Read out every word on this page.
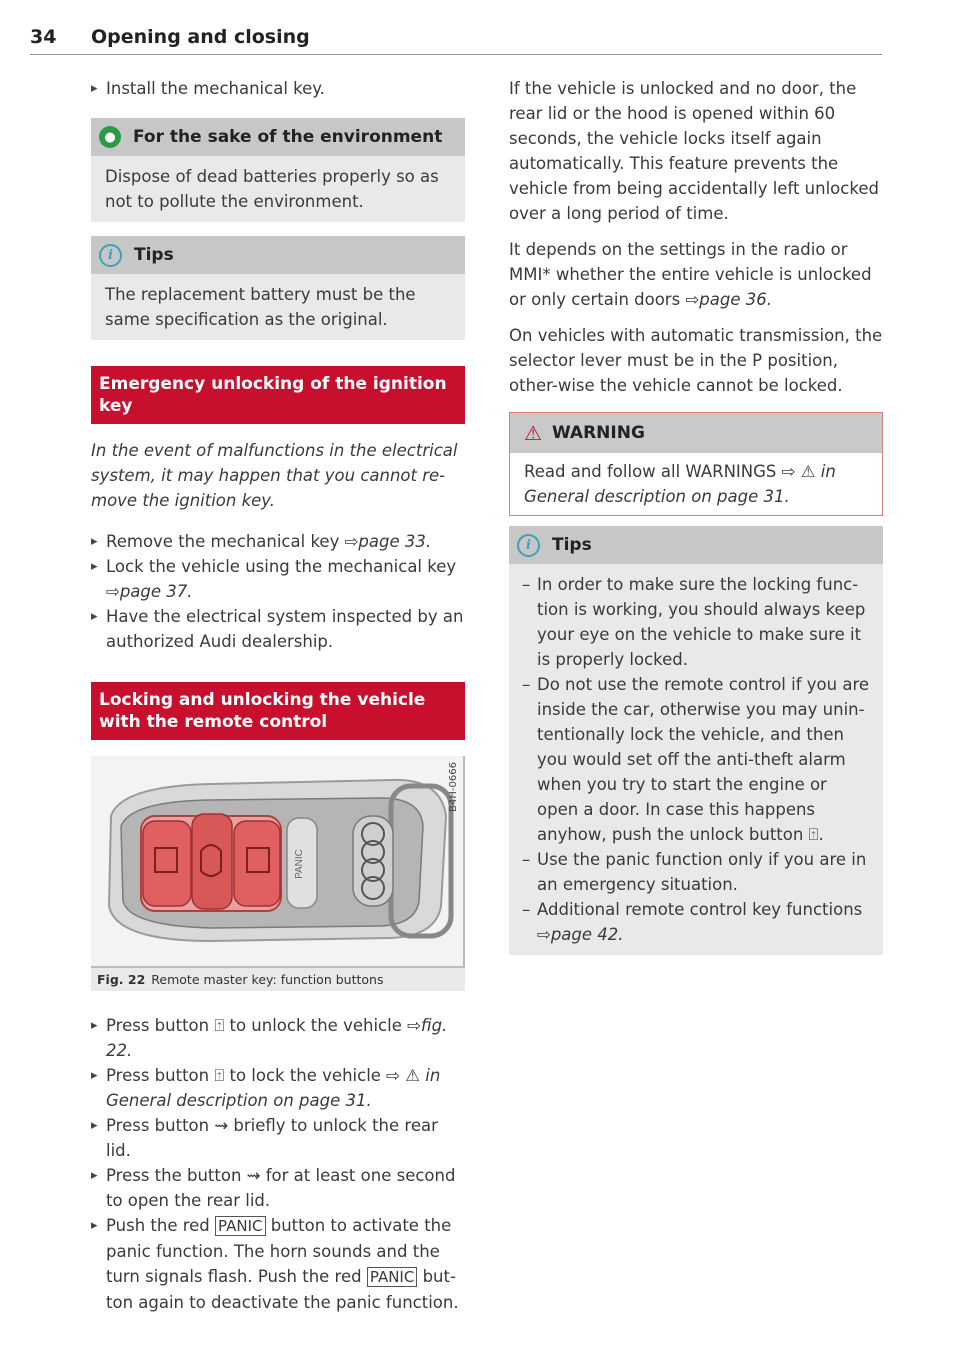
34 Opening and closing
▸ Install the mechanical key.
●	For the sake of the environment

Dispose of dead batteries properly so as not to pollute the environment.

i	Tips

The replacement battery must be the same specification as the original.

Emergency unlocking of the ignition key

In the event of malfunctions in the electrical system, it may happen that you cannot re-move the ignition key.

▸ Remove the mechanical key ⇨page 33.
▸ Lock the vehicle using the mechanical key ⇨page 37.
▸ Have the electrical system inspected by an authorized Audi dealership.
Locking and unlocking the vehicle with the remote control
PANIC
B4H-0666
Fig. 22 Remote master key: function buttons
▸ Press button ⍐ to unlock the vehicle ⇨fig. 22.
▸ Press button ⍐ to lock the vehicle ⇨ ⚠ in General description on page 31.
▸ Press button ⇝ briefly to unlock the rear lid.
▸ Press the button ⇝ for at least one second to open the rear lid.
▸ Push the red PANIC button to activate the panic function. The horn sounds and the turn signals flash. Push the red PANIC but-ton again to deactivate the panic function.

If the vehicle is unlocked and no door, the rear lid or the hood is opened within 60 seconds, the vehicle locks itself again automatically. This feature prevents the vehicle from being accidentally left unlocked over a long period of time.

It depends on the settings in the radio or MMI* whether the entire vehicle is unlocked or only certain doors ⇨page 36.

On vehicles with automatic transmission, the selector lever must be in the P position, other-wise the vehicle cannot be locked.

⚠ WARNING

Read and follow all WARNINGS ⇨ ⚠ in General description on page 31.

i	Tips
– In order to make sure the locking func-tion is working, you should always keep your eye on the vehicle to make sure it is properly locked.
– Do not use the remote control if you are inside the car, otherwise you may unin-tentionally lock the vehicle, and then you would set off the anti-theft alarm when you try to start the engine or open a door. In case this happens anyhow, push the unlock button ⍐.
– Use the panic function only if you are in an emergency situation.
– Additional remote control key functions ⇨page 42.
